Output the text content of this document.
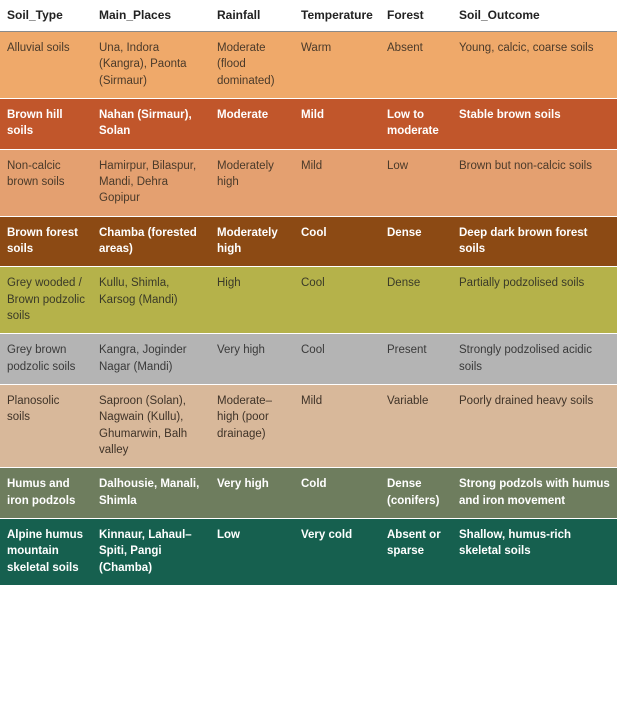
Soil_Type	Main_Places	Rainfall	Temperature	Forest	Soil_Outcome
Alluvial soils	Una, Indora (Kangra), Paonta (Sirmaur)	Moderate (flood dominated)	Warm	Absent	Young, calcic, coarse soils
Brown hill soils	Nahan (Sirmaur), Solan	Moderate	Mild	Low to moderate	Stable brown soils
Non-calcic brown soils	Hamirpur, Bilaspur, Mandi, Dehra Gopipur	Moderately high	Mild	Low	Brown but non-calcic soils
Brown forest soils	Chamba (forested areas)	Moderately high	Cool	Dense	Deep dark brown forest soils
Grey wooded / Brown podzolic soils	Kullu, Shimla, Karsog (Mandi)	High	Cool	Dense	Partially podzolised soils
Grey brown podzolic soils	Kangra, Joginder Nagar (Mandi)	Very high	Cool	Present	Strongly podzolised acidic soils
Planosolic soils	Saproon (Solan), Nagwain (Kullu), Ghumarwin, Balh valley	Moderate–high (poor drainage)	Mild	Variable	Poorly drained heavy soils
Humus and iron podzols	Dalhousie, Manali, Shimla	Very high	Cold	Dense (conifers)	Strong podzols with humus and iron movement
Alpine humus mountain skeletal soils	Kinnaur, Lahaul–Spiti, Pangi (Chamba)	Low	Very cold	Absent or sparse	Shallow, humus-rich skeletal soils
